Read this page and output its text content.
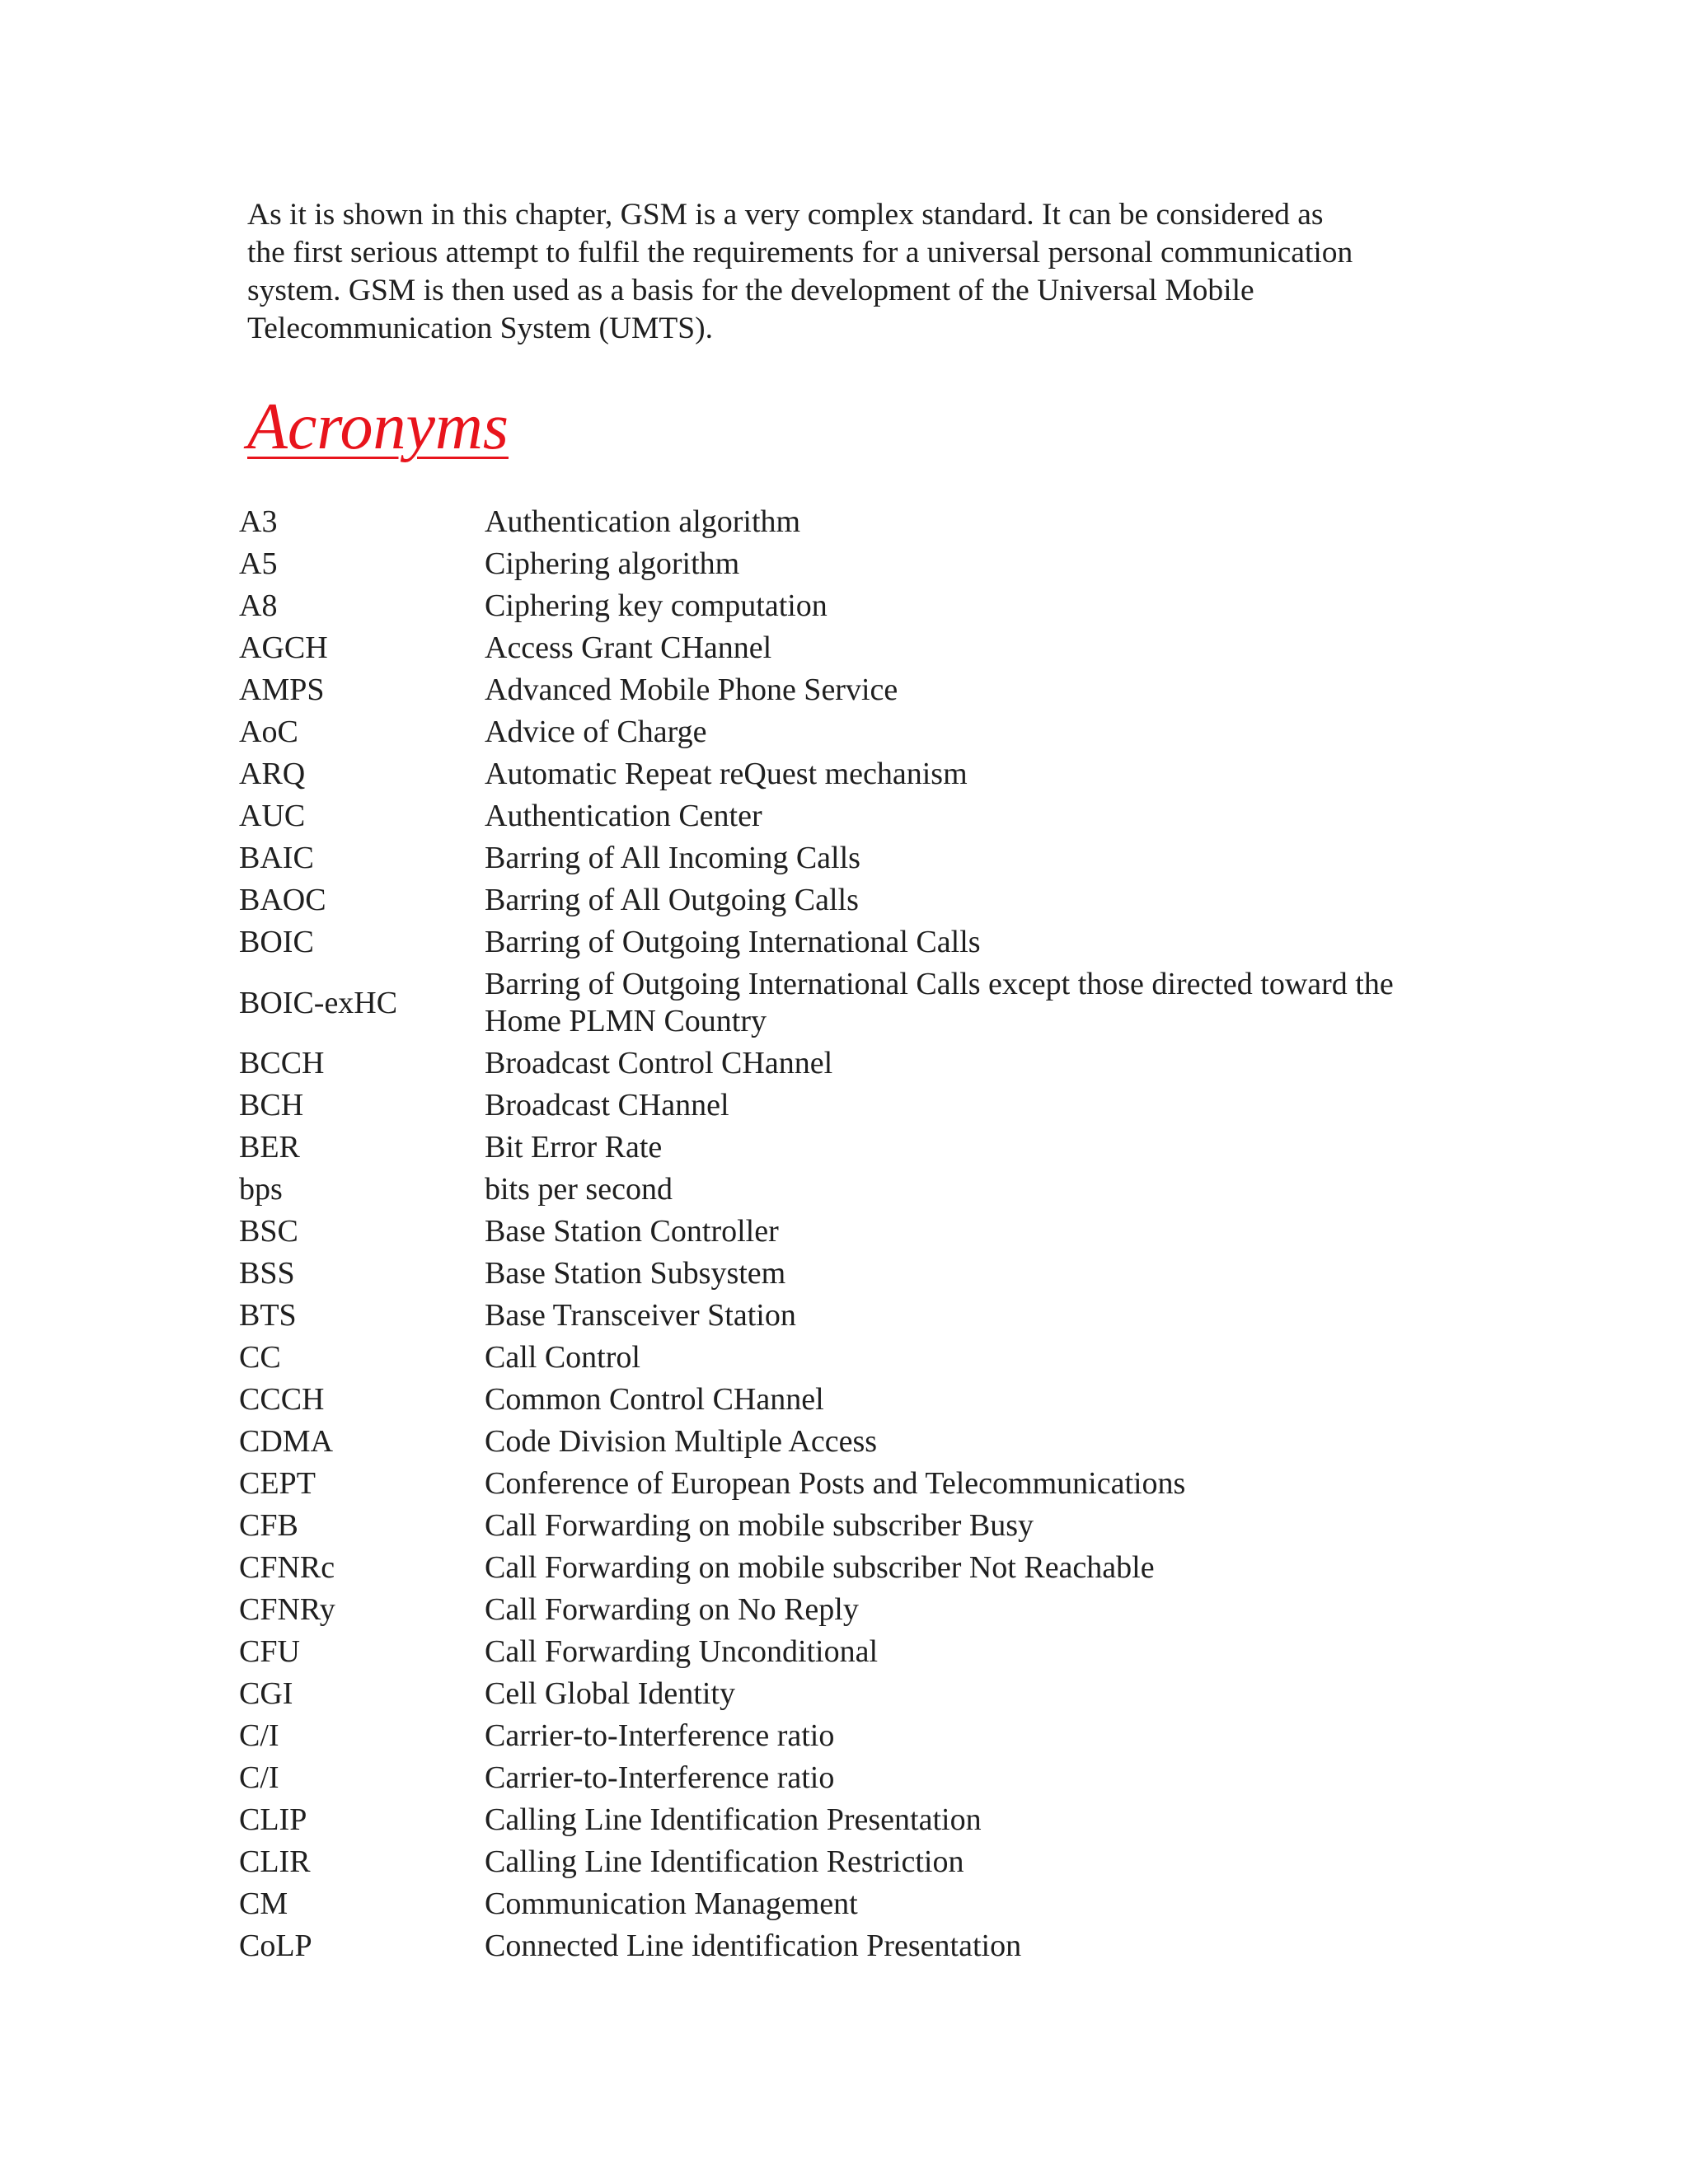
As it is shown in this chapter, GSM is a very complex standard. It can be considered as
the first serious attempt to fulfil the requirements for a universal personal communication
system. GSM is then used as a basis for the development of the Universal Mobile
Telecommunication System (UMTS).

Acronyms
A3	Authentication algorithm
A5	Ciphering algorithm
A8	Ciphering key computation
AGCH	Access Grant CHannel
AMPS	Advanced Mobile Phone Service
AoC	Advice of Charge
ARQ	Automatic Repeat reQuest mechanism
AUC	Authentication Center
BAIC	Barring of All Incoming Calls
BAOC	Barring of All Outgoing Calls
BOIC	Barring of Outgoing International Calls
BOIC-exHC	Barring of Outgoing International Calls except those directed toward the Home PLMN Country
BCCH	Broadcast Control CHannel
BCH	Broadcast CHannel
BER	Bit Error Rate
bps	bits per second
BSC	Base Station Controller
BSS	Base Station Subsystem
BTS	Base Transceiver Station
CC	Call Control
CCCH	Common Control CHannel
CDMA	Code Division Multiple Access
CEPT	Conference of European Posts and Telecommunications
CFB	Call Forwarding on mobile subscriber Busy
CFNRc	Call Forwarding on mobile subscriber Not Reachable
CFNRy	Call Forwarding on No Reply
CFU	Call Forwarding Unconditional
CGI	Cell Global Identity
C/I	Carrier-to-Interference ratio
C/I	Carrier-to-Interference ratio
CLIP	Calling Line Identification Presentation
CLIR	Calling Line Identification Restriction
CM	Communication Management
CoLP	Connected Line identification Presentation
